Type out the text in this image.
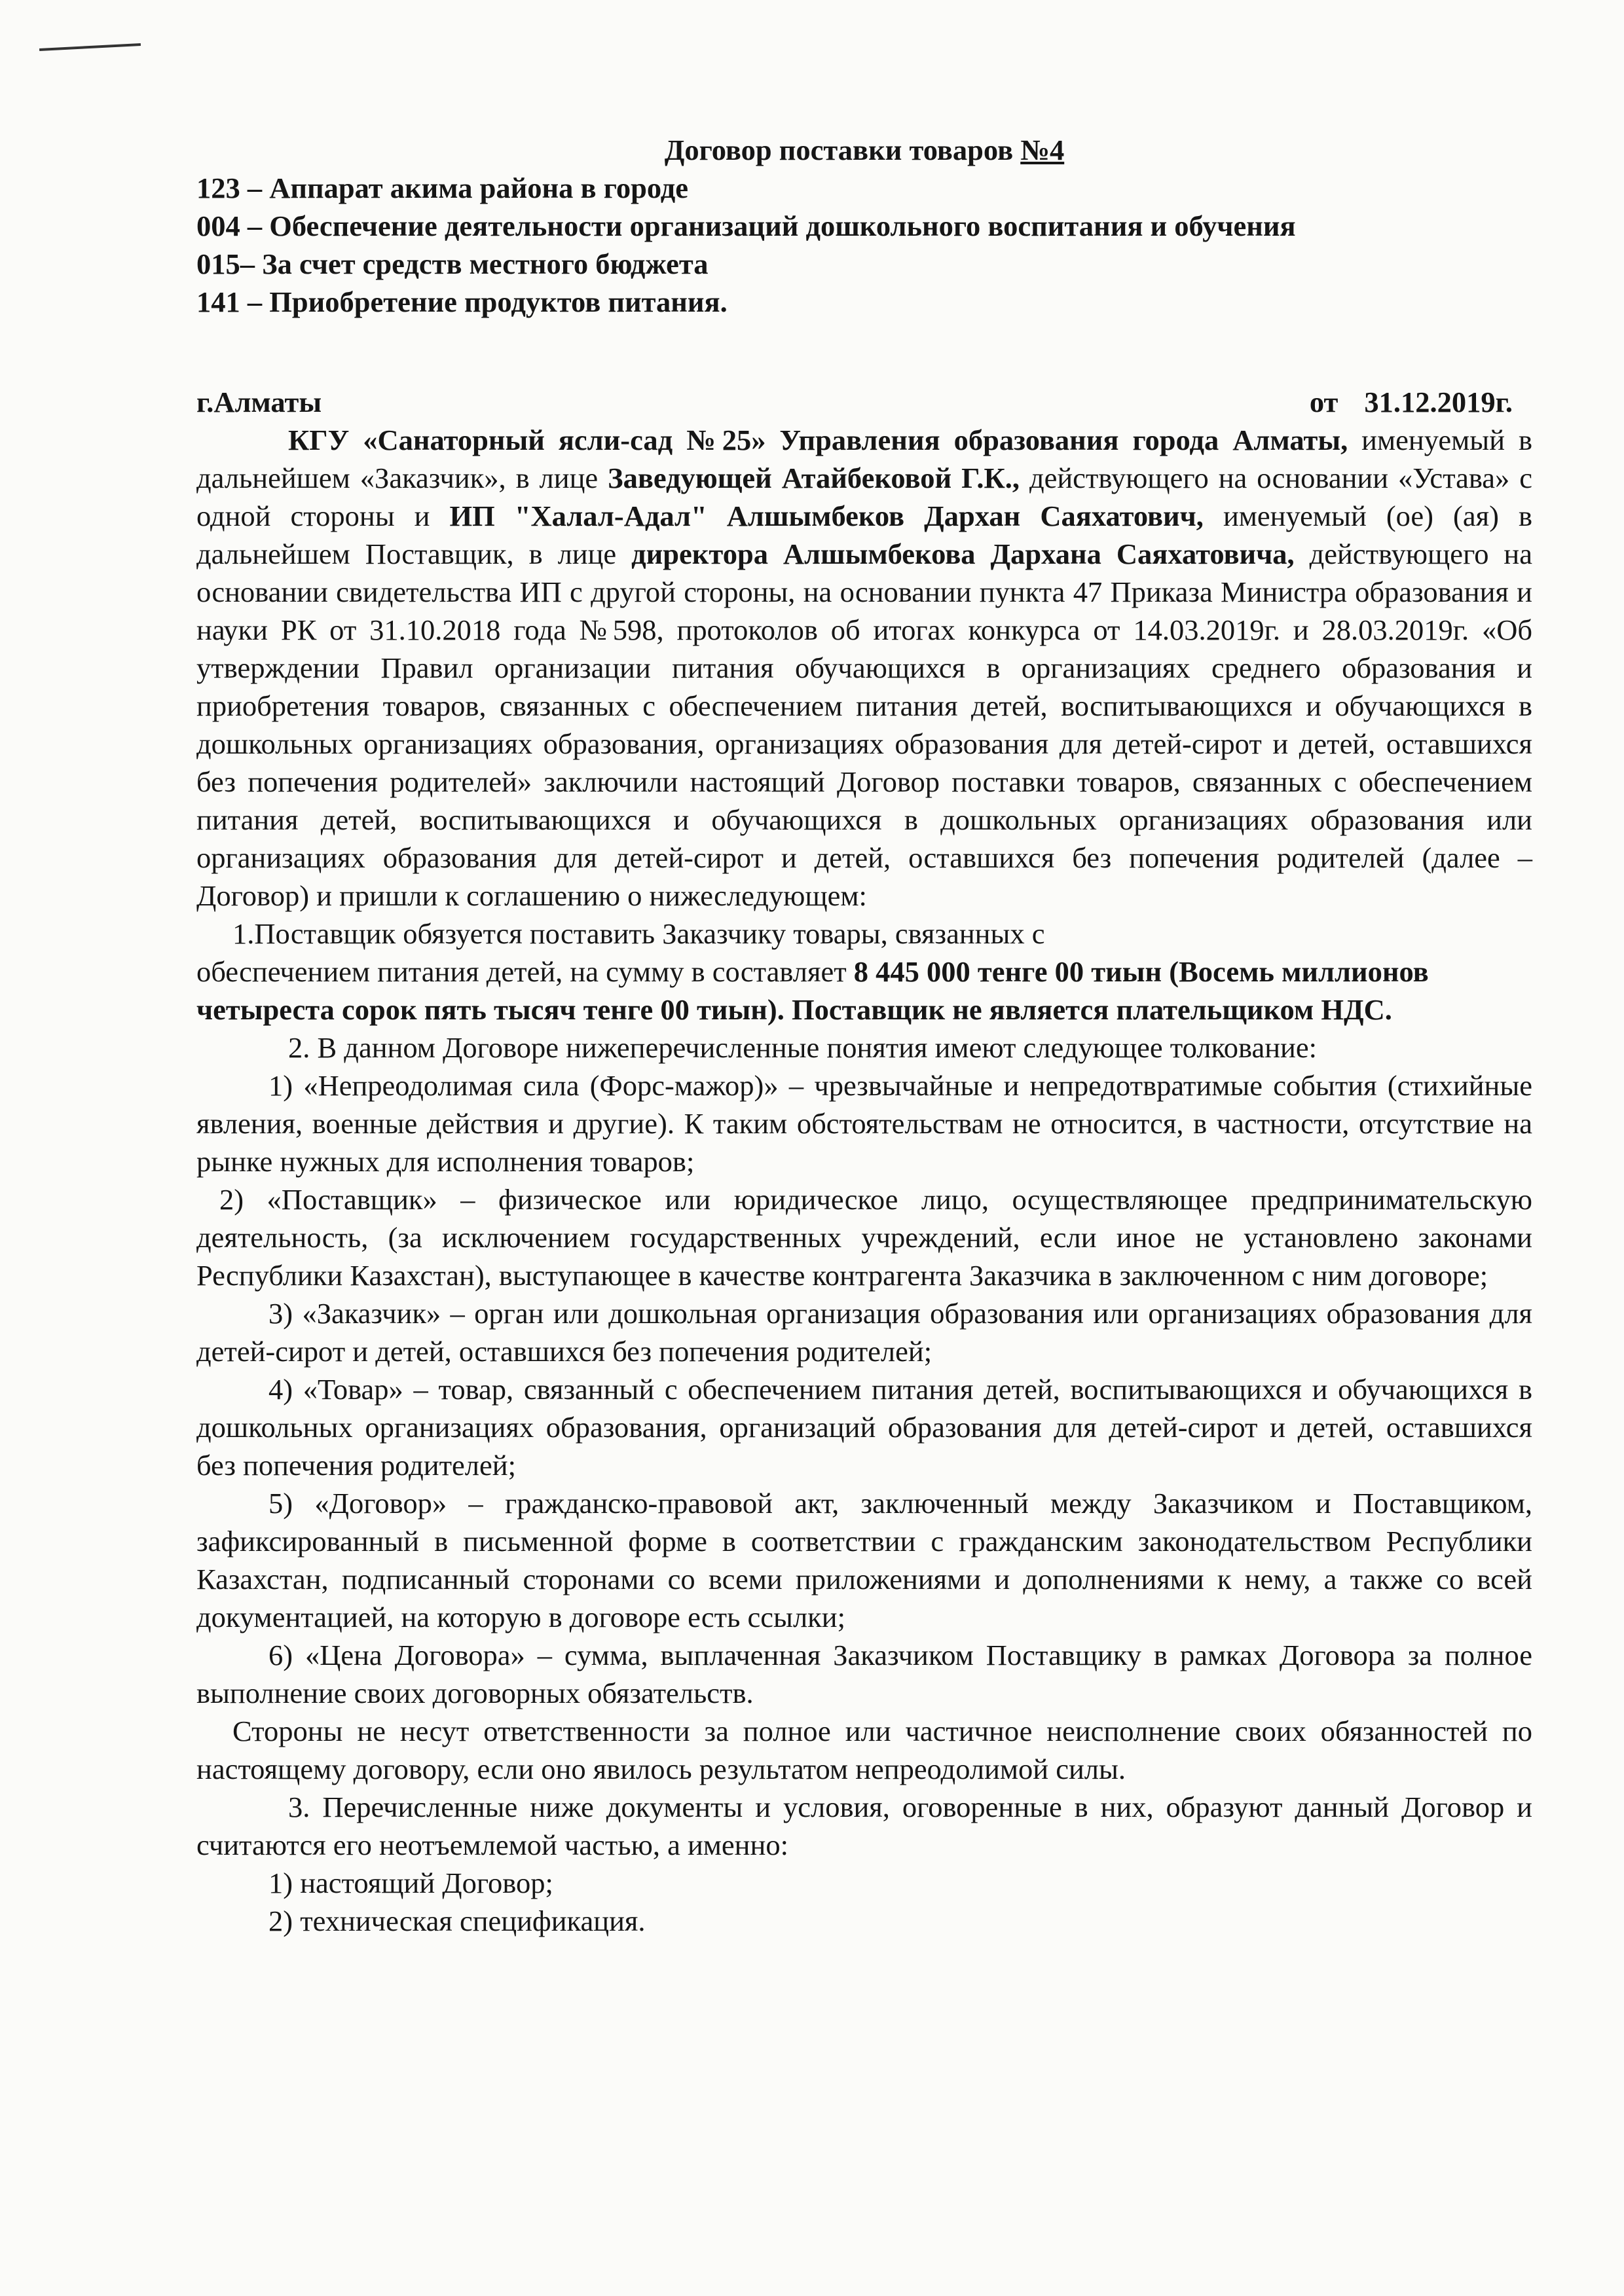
Договор поставки товаров №4

123 – Аппарат акима района в городе

004 – Обеспечение деятельности организаций дошкольного воспитания и обучения

015– За счет средств местного бюджета

141 – Приобретение продуктов питания.

г.Алматы	от 31.12.2019г.

КГУ «Санаторный ясли-сад №25» Управления образования города Алматы, именуемый в дальнейшем «Заказчик», в лице Заведующей Атайбековой Г.К., действующего на основании «Устава» с одной стороны и ИП "Халал-Адал" Алшымбеков Дархан Саяхатович, именуемый (ое) (ая) в дальнейшем Поставщик, в лице директора Алшымбекова Дархана Саяхатовича, действующего на основании свидетельства ИП с другой стороны, на основании пункта 47 Приказа Министра образования и науки РК от 31.10.2018 года №598, протоколов об итогах конкурса от 14.03.2019г. и 28.03.2019г. «Об утверждении Правил организации питания обучающихся в организациях среднего образования и приобретения товаров, связанных с обеспечением питания детей, воспитывающихся и обучающихся в дошкольных организациях образования, организациях образования для детей-сирот и детей, оставшихся без попечения родителей» заключили настоящий Договор поставки товаров, связанных с обеспечением питания детей, воспитывающихся и обучающихся в дошкольных организациях образования или организациях образования для детей-сирот и детей, оставшихся без попечения родителей (далее – Договор) и пришли к соглашению о нижеследующем:

1.Поставщик обязуется поставить Заказчику товары, связанных с

обеспечением питания детей, на сумму в составляет 8 445 000 тенге 00 тиын (Восемь миллионов четыреста сорок пять тысяч тенге 00 тиын). Поставщик не является плательщиком НДС.

2. В данном Договоре нижеперечисленные понятия имеют следующее толкование:

1) «Непреодолимая сила (Форс-мажор)» – чрезвычайные и непредотвратимые события (стихийные явления, военные действия и другие). К таким обстоятельствам не относится, в частности, отсутствие на рынке нужных для исполнения товаров;

2) «Поставщик» – физическое или юридическое лицо, осуществляющее предпринимательскую деятельность, (за исключением государственных учреждений, если иное не установлено законами Республики Казахстан), выступающее в качестве контрагента Заказчика в заключенном с ним договоре;

3) «Заказчик» – орган или дошкольная организация образования или организациях образования для детей-сирот и детей, оставшихся без попечения родителей;

4) «Товар» – товар, связанный с обеспечением питания детей, воспитывающихся и обучающихся в дошкольных организациях образования, организаций образования для детей-сирот и детей, оставшихся без попечения родителей;

5) «Договор» – гражданско-правовой акт, заключенный между Заказчиком и Поставщиком, зафиксированный в письменной форме в соответствии с гражданским законодательством Республики Казахстан, подписанный сторонами со всеми приложениями и дополнениями к нему, а также со всей документацией, на которую в договоре есть ссылки;

6) «Цена Договора» – сумма, выплаченная Заказчиком Поставщику в рамках Договора за полное выполнение своих договорных обязательств.

Стороны не несут ответственности за полное или частичное неисполнение своих обязанностей по настоящему договору, если оно явилось результатом непреодолимой силы.

3. Перечисленные ниже документы и условия, оговоренные в них, образуют данный Договор и считаются его неотъемлемой частью, а именно:

1) настоящий Договор;

2) техническая спецификация.
